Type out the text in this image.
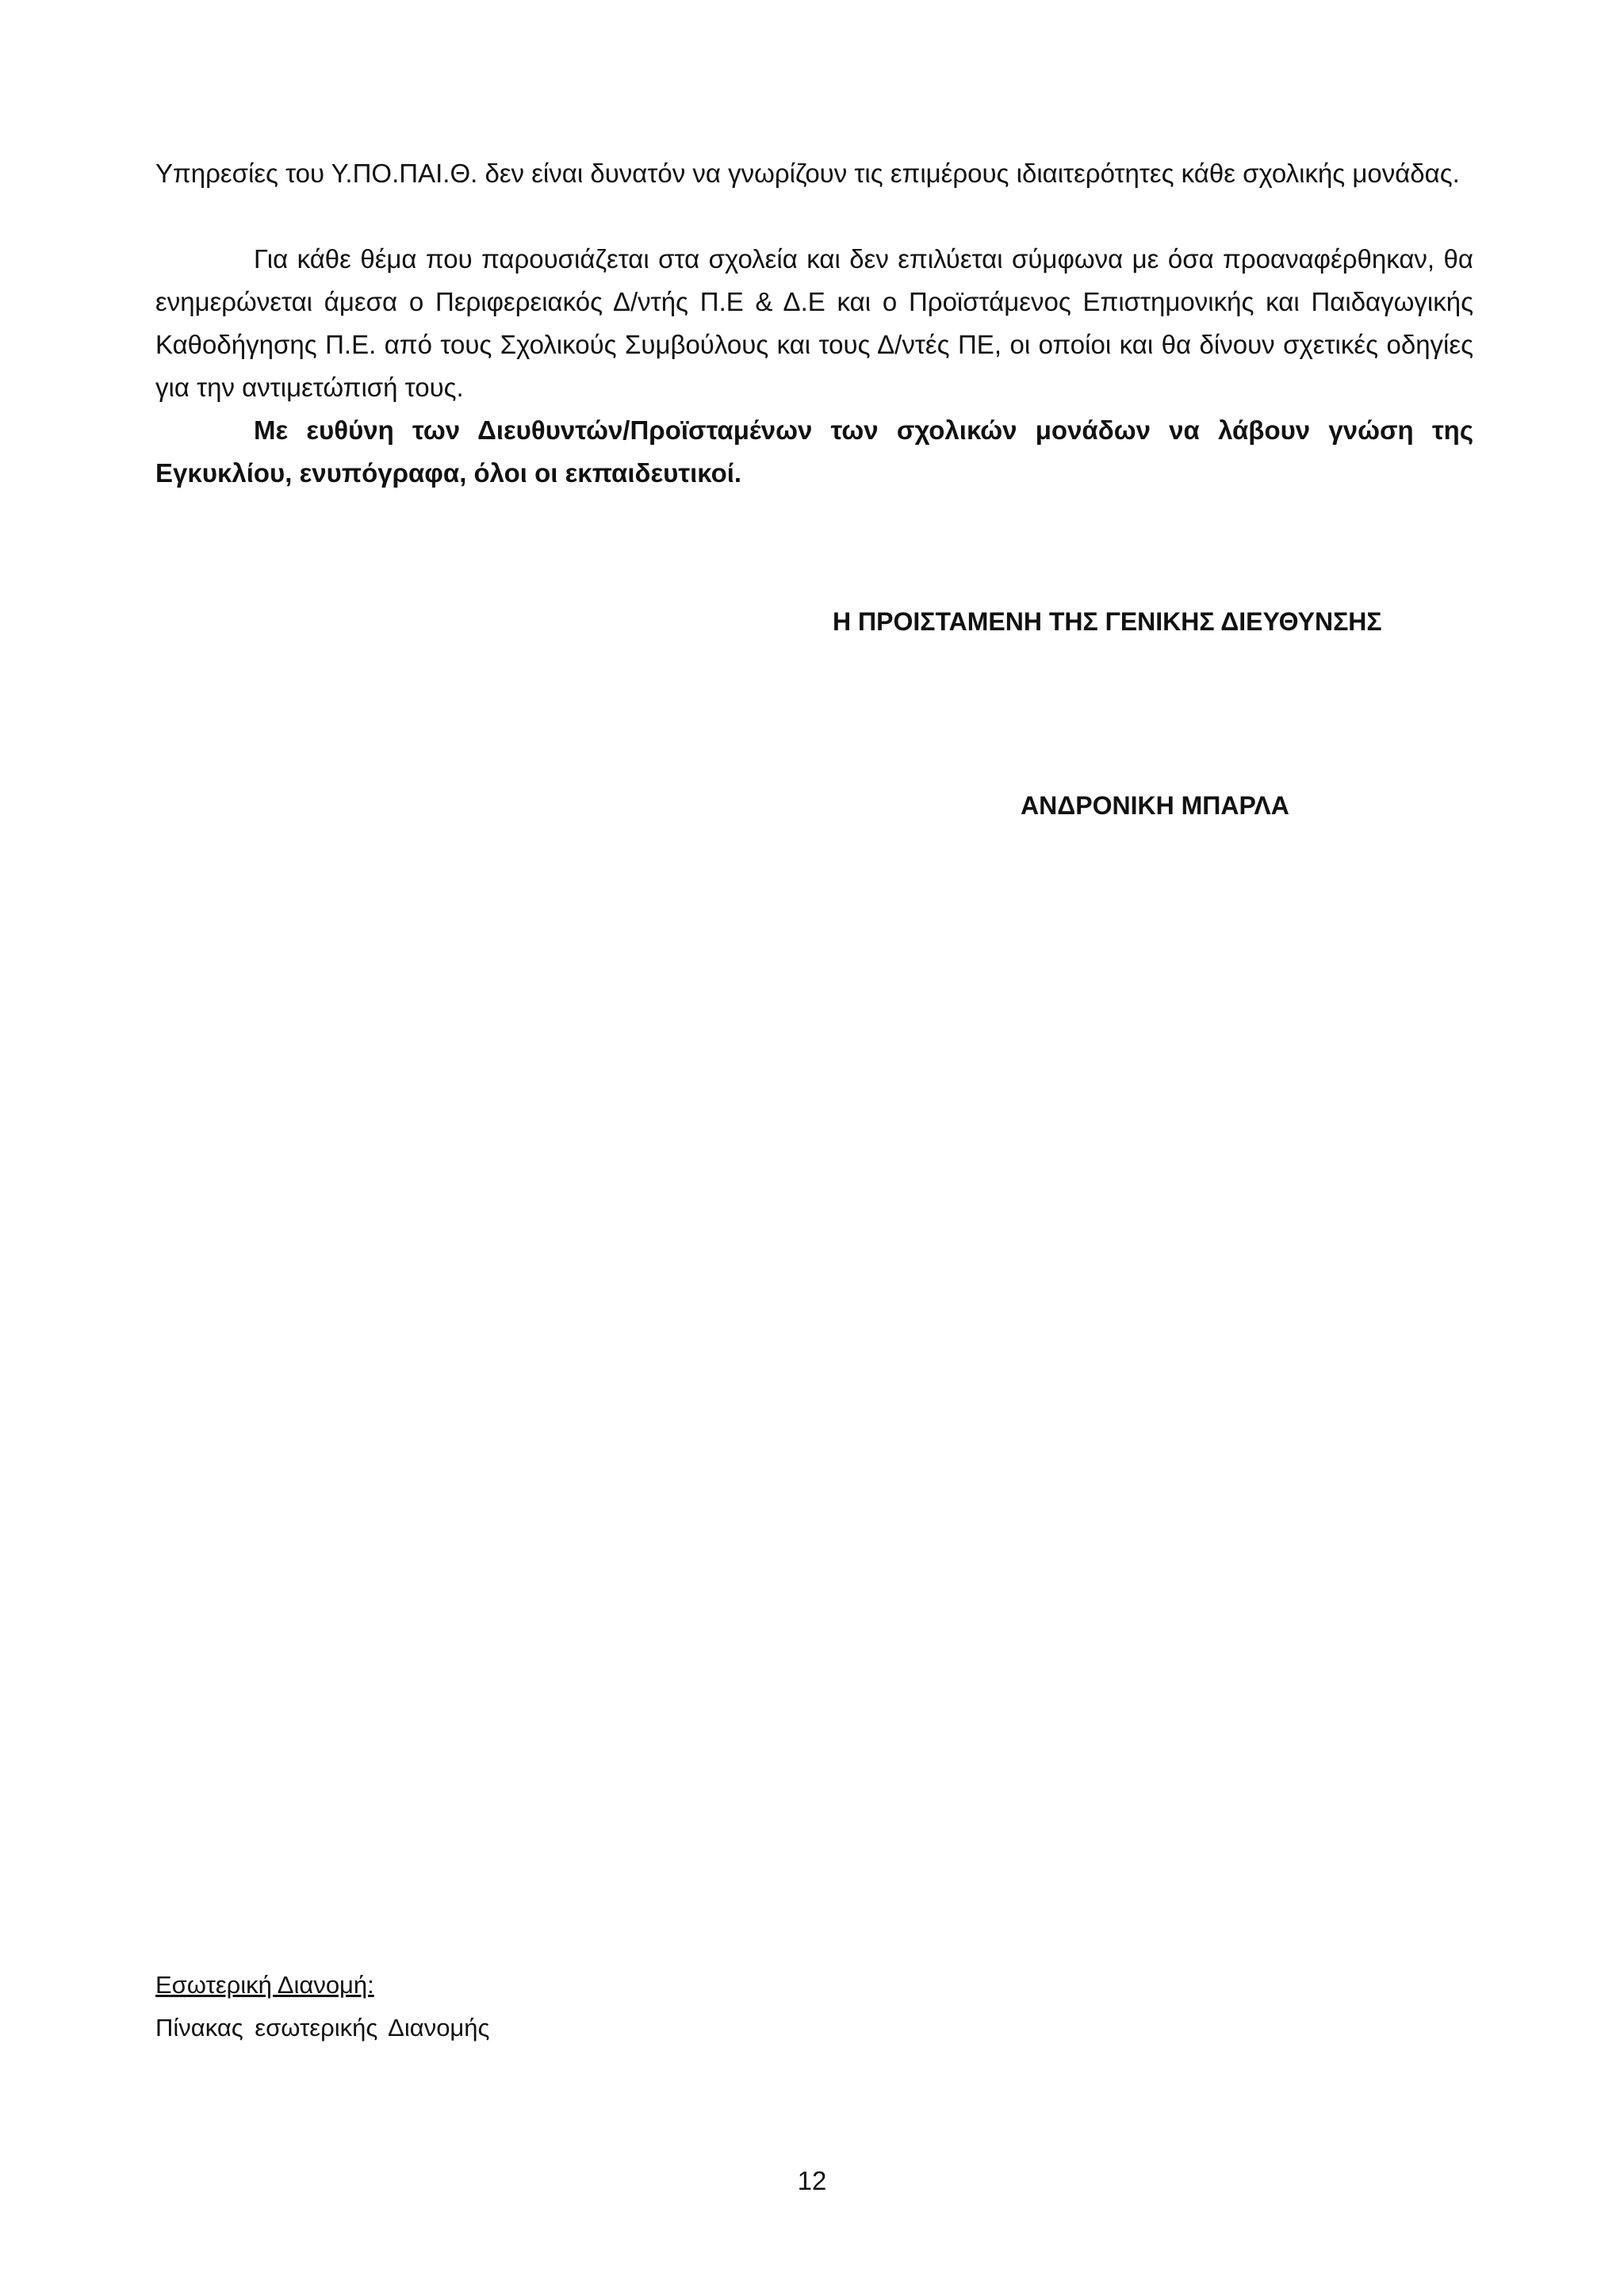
Υπηρεσίες του Υ.ΠΟ.ΠΑΙ.Θ. δεν είναι δυνατόν να γνωρίζουν τις επιμέρους ιδιαιτερότητες κάθε σχολικής μονάδας.

Για κάθε θέμα που παρουσιάζεται στα σχολεία και δεν επιλύεται σύμφωνα με όσα προαναφέρθηκαν, θα ενημερώνεται άμεσα ο Περιφερειακός Δ/ντής Π.Ε & Δ.Ε και ο Προϊστάμενος Επιστημονικής και Παιδαγωγικής Καθοδήγησης Π.Ε. από τους Σχολικούς Συμβούλους και τους Δ/ντές ΠΕ, οι οποίοι και θα δίνουν σχετικές οδηγίες για την αντιμετώπισή τους.

Με ευθύνη των Διευθυντών/Προϊσταμένων των σχολικών μονάδων να λάβουν γνώση της Εγκυκλίου, ενυπόγραφα, όλοι οι εκπαιδευτικοί.

Η ΠΡΟΙΣΤΑΜΕΝΗ ΤΗΣ ΓΕΝΙΚΗΣ ΔΙΕΥΘΥΝΣΗΣ

ΑΝΔΡΟΝΙΚΗ ΜΠΑΡΛΑ

Εσωτερική Διανομή:

Πίνακας εσωτερικής Διανομής

12
